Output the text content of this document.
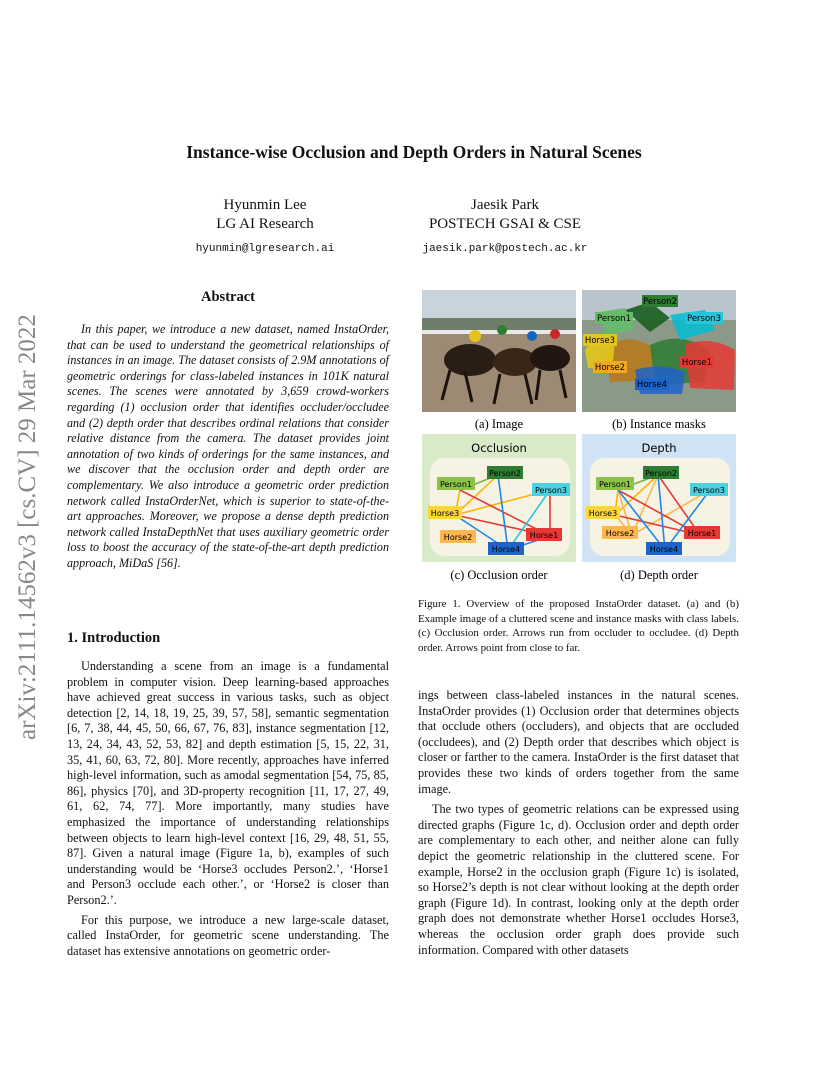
Instance-wise Occlusion and Depth Orders in Natural Scenes
Hyunmin Lee
LG AI Research
hyunmin@lgresearch.ai
Jaesik Park
POSTECH GSAI & CSE
jaesik.park@postech.ac.kr
arXiv:2111.14562v3 [cs.CV] 29 Mar 2022
Abstract

In this paper, we introduce a new dataset, named InstaOrder, that can be used to understand the geometrical relationships of instances in an image. The dataset consists of 2.9M annotations of geometric orderings for class-labeled instances in 101K natural scenes. The scenes were annotated by 3,659 crowd-workers regarding (1) occlusion order that identifies occluder/occludee and (2) depth order that describes ordinal relations that consider relative distance from the camera. The dataset provides joint annotation of two kinds of orderings for the same instances, and we discover that the occlusion order and depth order are complementary. We also introduce a geometric order prediction network called InstaOrderNet, which is superior to state-of-the-art approaches. Moreover, we propose a dense depth prediction network called InstaDepthNet that uses auxiliary geometric order loss to boost the accuracy of the state-of-the-art depth prediction approach, MiDaS [56].

1. Introduction

Understanding a scene from an image is a fundamental problem in computer vision. Deep learning-based approaches have achieved great success in various tasks, such as object detection [2, 14, 18, 19, 25, 39, 57, 58], semantic segmentation [6, 7, 38, 44, 45, 50, 66, 67, 76, 83], instance segmentation [12, 13, 24, 34, 43, 52, 53, 82] and depth estimation [5, 15, 22, 31, 35, 41, 60, 63, 72, 80]. More recently, approaches have inferred high-level information, such as amodal segmentation [54, 75, 85, 86], physics [70], and 3D-property recognition [11, 17, 27, 49, 61, 62, 74, 77]. More importantly, many studies have emphasized the importance of understanding relationships between objects to learn high-level context [16, 29, 48, 51, 55, 87]. Given a natural image (Figure 1a, b), examples of such understanding would be ‘Horse3 occludes Person2.’, ‘Horse1 and Person3 occlude each other.’, or ‘Horse2 is closer than Person2.’.

For this purpose, we introduce a new large-scale dataset, called InstaOrder, for geometric scene understanding. The dataset has extensive annotations on geometric order-

Person2
Person1	Person3
Horse3
Horse2	Horse1
Horse4
(a) Image	(b) Instance masks
Occlusion
Person2
Person1
Person3
Horse3
Horse2	Horse1
Horse4
Depth
Person2
Person1
Person3
Horse3
Horse2	Horse1
Horse4
(c) Occlusion order	(d) Depth order
Figure 1. Overview of the proposed InstaOrder dataset. (a) and (b) Example image of a cluttered scene and instance masks with class labels. (c) Occlusion order. Arrows run from occluder to occludee. (d) Depth order. Arrows point from close to far.

ings between class-labeled instances in the natural scenes. InstaOrder provides (1) Occlusion order that determines objects that occlude others (occluders), and objects that are occluded (occludees), and (2) Depth order that describes which object is closer or farther to the camera. InstaOrder is the first dataset that provides these two kinds of orders together from the same image.

The two types of geometric relations can be expressed using directed graphs (Figure 1c, d). Occlusion order and depth order are complementary to each other, and neither alone can fully depict the geometric relationship in the cluttered scene. For example, Horse2 in the occlusion graph (Figure 1c) is isolated, so Horse2’s depth is not clear without looking at the depth order graph (Figure 1d). In contrast, looking only at the depth order graph does not demonstrate whether Horse1 occludes Horse3, whereas the occlusion order graph does provide such information. Compared with other datasets
